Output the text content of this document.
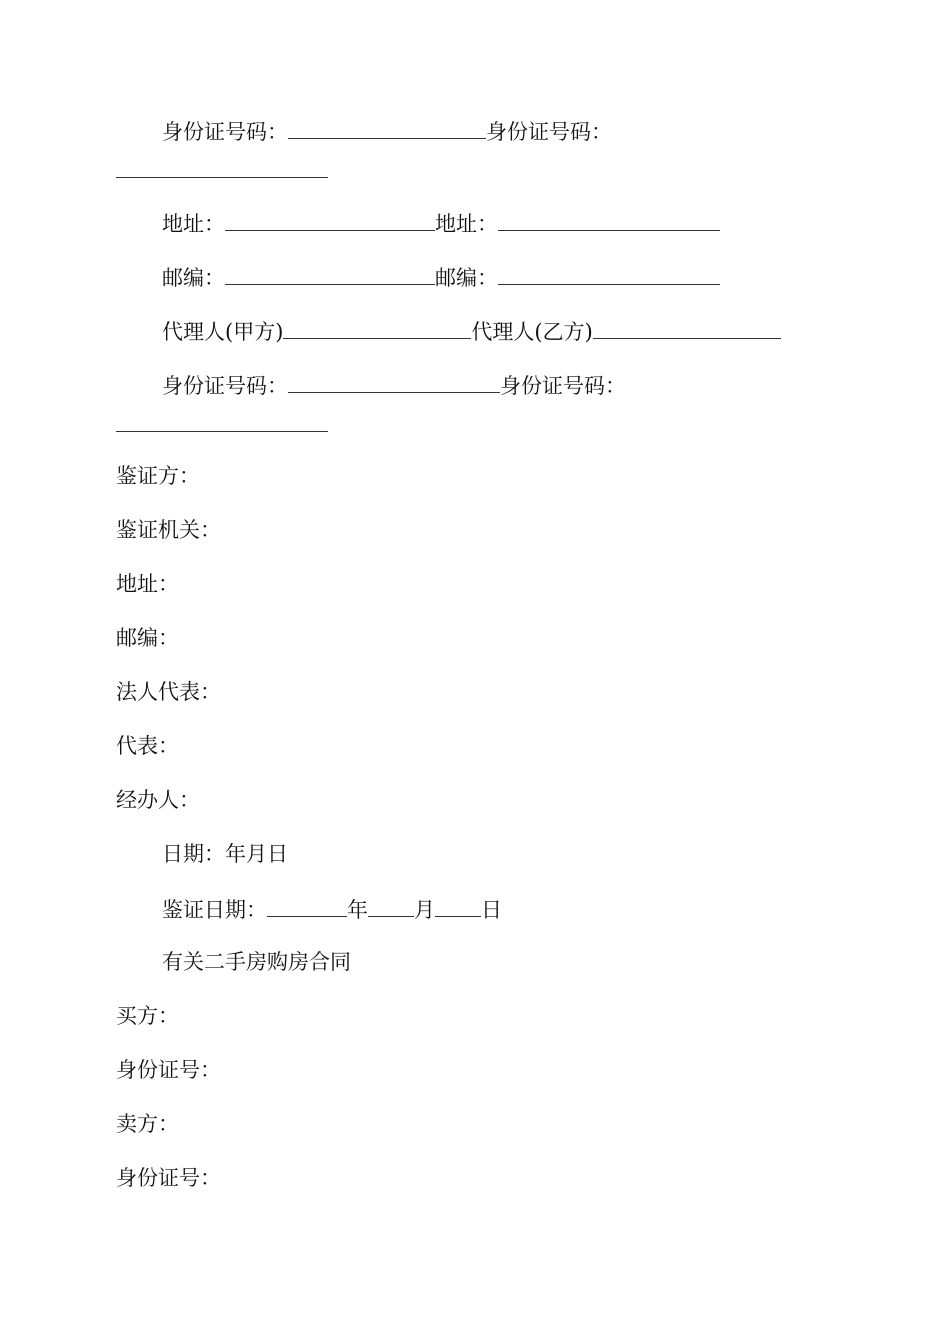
身份证号码：	身份证号码：
地址：	地址：
邮编：	邮编：
代理人(甲方)	代理人(乙方)
身份证号码：	身份证号码：
鉴证方：
鉴证机关：
地址：
邮编：
法人代表：
代表：
经办人：
日期：年月日
鉴证日期：	年 月 日
有关二手房购房合同
买方：
身份证号：
卖方：
身份证号：
